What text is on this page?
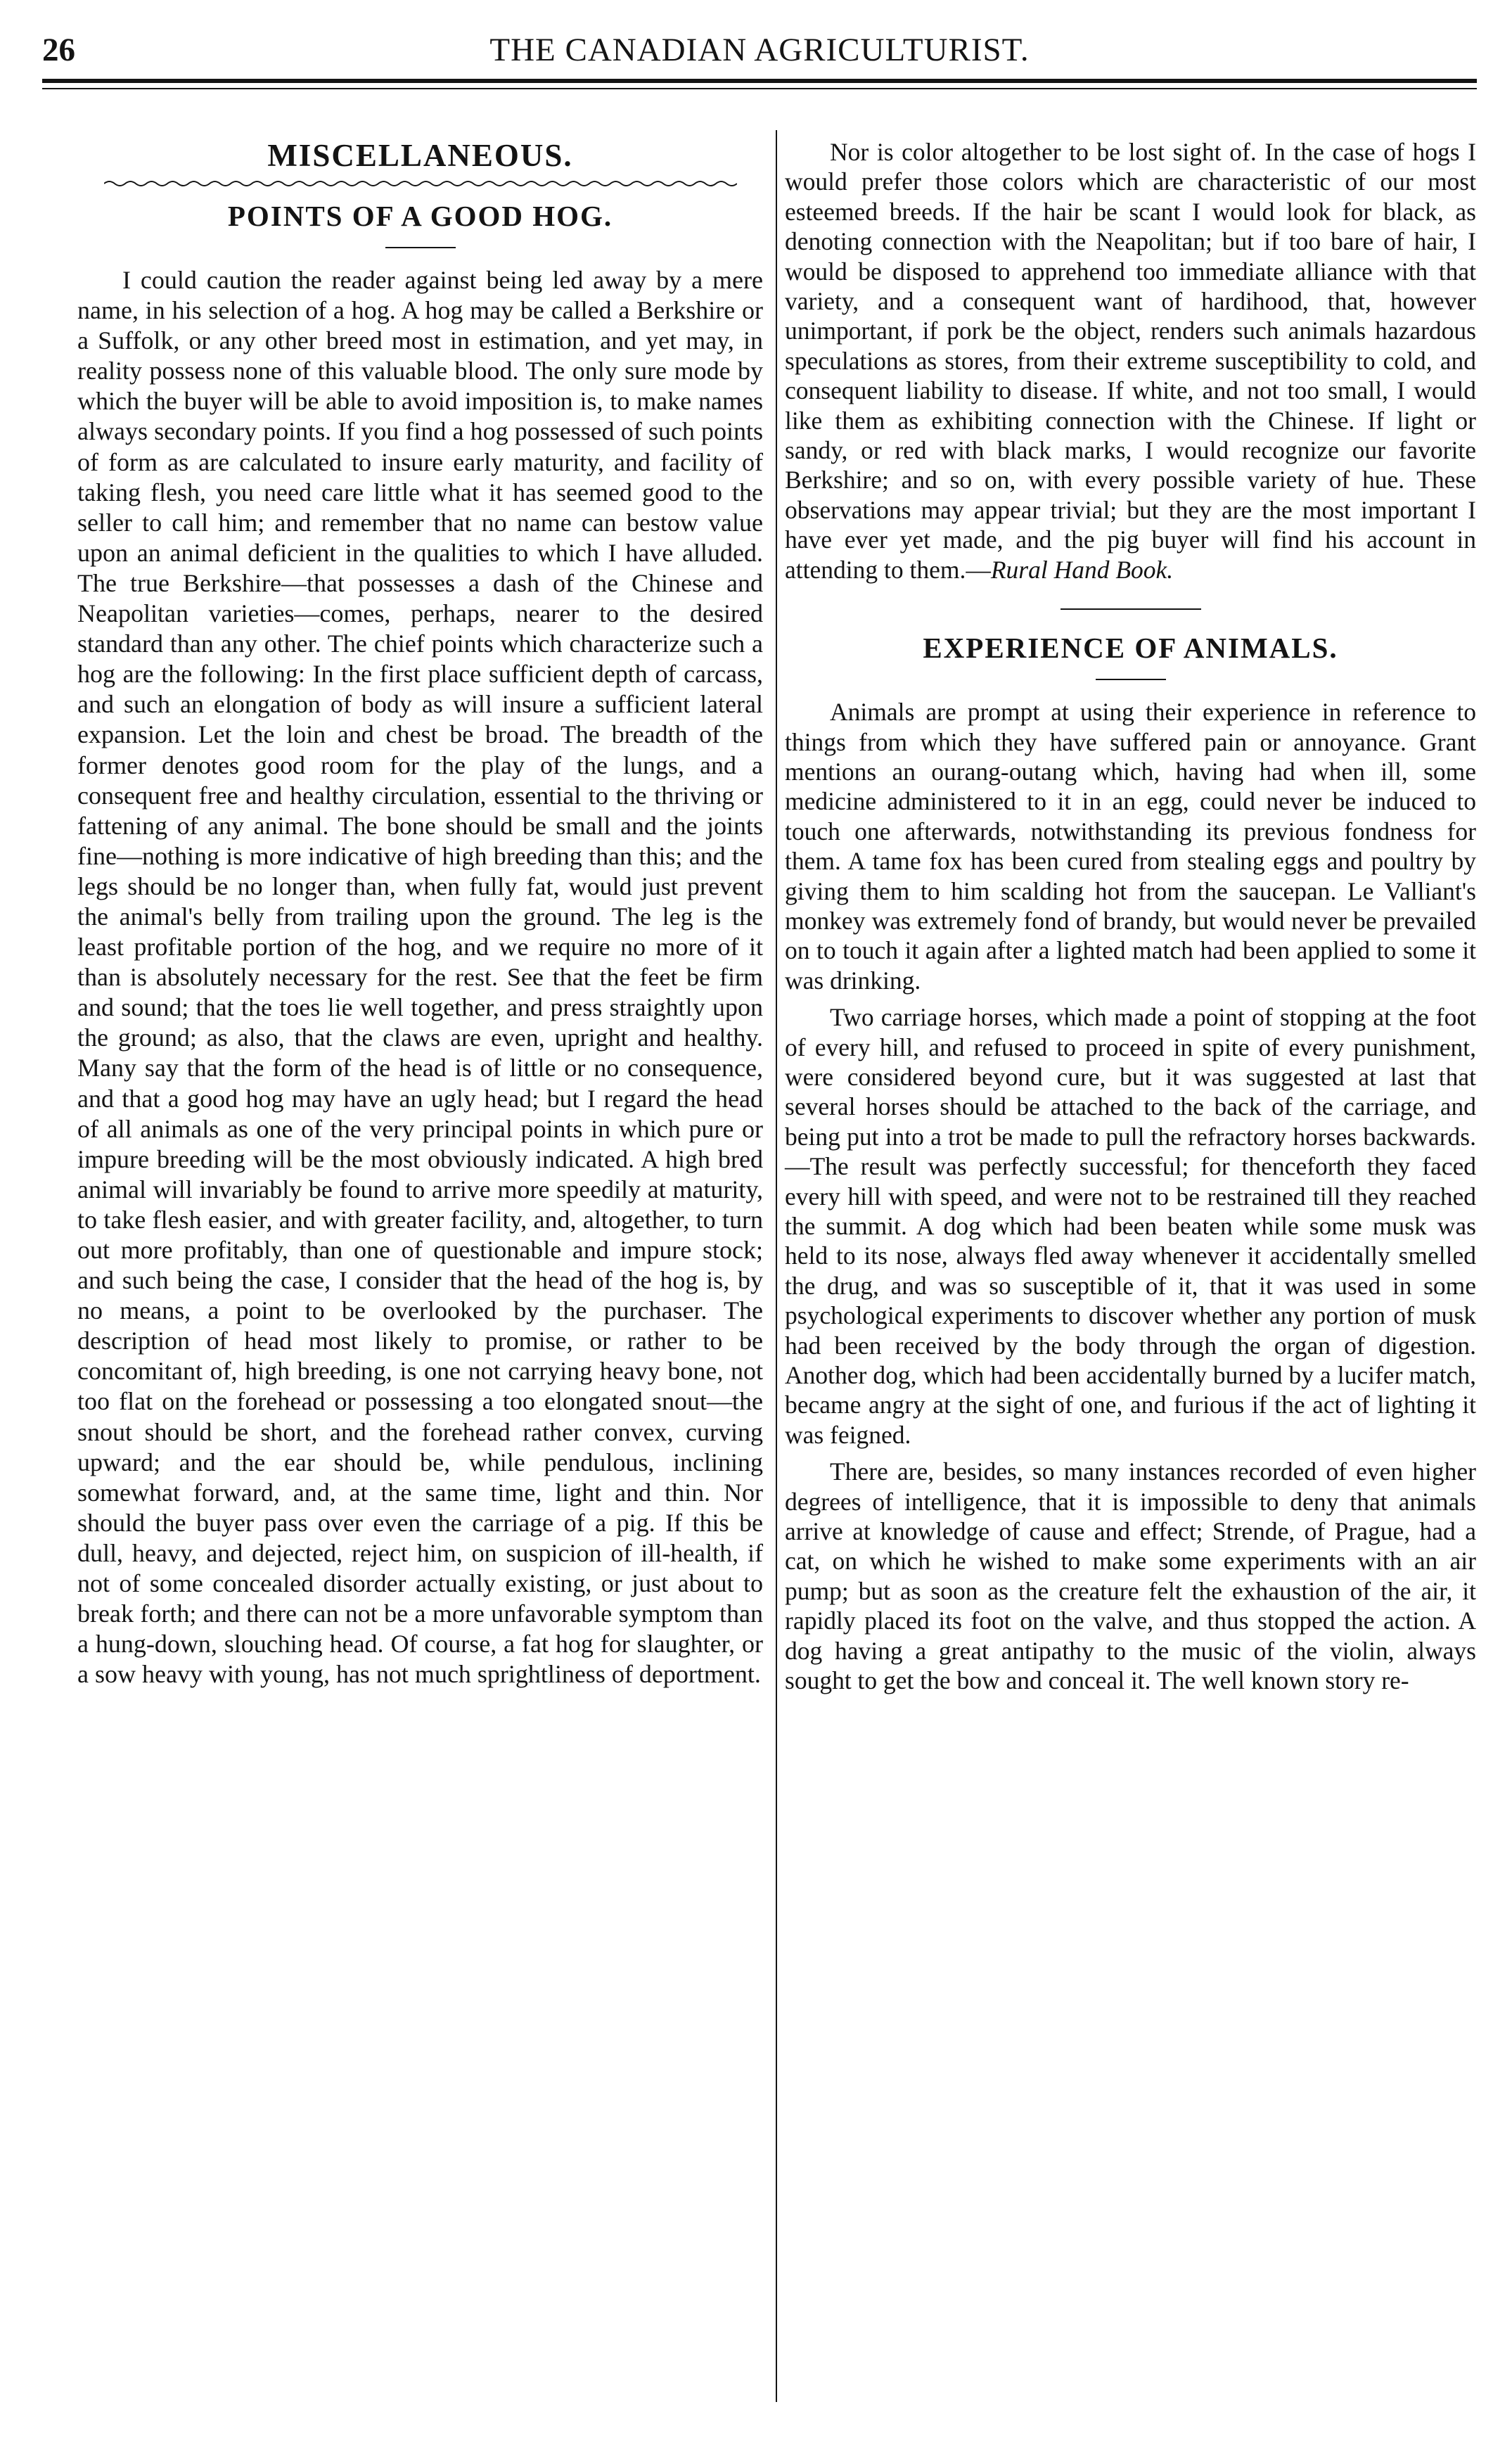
26	THE CANADIAN AGRICULTURIST.
MISCELLANEOUS.
POINTS OF A GOOD HOG.

I could caution the reader against being led away by a mere name, in his selection of a hog. A hog may be called a Berkshire or a Suffolk, or any other breed most in estimation, and yet may, in reality possess none of this valuable blood. The only sure mode by which the buyer will be able to avoid imposition is, to make names always secondary points. If you find a hog possessed of such points of form as are calculated to insure early maturity, and facility of taking flesh, you need care little what it has seemed good to the seller to call him; and remember that no name can bestow value upon an animal deficient in the qualities to which I have alluded. The true Berkshire—that possesses a dash of the Chinese and Neapolitan varieties—comes, perhaps, nearer to the desired standard than any other. The chief points which characterize such a hog are the following: In the first place sufficient depth of carcass, and such an elongation of body as will insure a sufficient lateral expansion. Let the loin and chest be broad. The breadth of the former denotes good room for the play of the lungs, and a consequent free and healthy circulation, essential to the thriving or fattening of any animal. The bone should be small and the joints fine—nothing is more indicative of high breeding than this; and the legs should be no longer than, when fully fat, would just prevent the animal's belly from trailing upon the ground. The leg is the least profitable portion of the hog, and we require no more of it than is absolutely necessary for the rest. See that the feet be firm and sound; that the toes lie well together, and press straightly upon the ground; as also, that the claws are even, upright and healthy. Many say that the form of the head is of little or no consequence, and that a good hog may have an ugly head; but I regard the head of all animals as one of the very principal points in which pure or impure breeding will be the most obviously indicated. A high bred animal will invariably be found to arrive more speedily at maturity, to take flesh easier, and with greater facility, and, altogether, to turn out more profitably, than one of questionable and impure stock; and such being the case, I consider that the head of the hog is, by no means, a point to be overlooked by the purchaser. The description of head most likely to promise, or rather to be concomitant of, high breeding, is one not carrying heavy bone, not too flat on the forehead or possessing a too elongated snout—the snout should be short, and the forehead rather convex, curving upward; and the ear should be, while pendulous, inclining somewhat forward, and, at the same time, light and thin. Nor should the buyer pass over even the carriage of a pig. If this be dull, heavy, and dejected, reject him, on suspicion of ill-health, if not of some concealed disorder actually existing, or just about to break forth; and there can not be a more unfavorable symptom than a hung-down, slouching head. Of course, a fat hog for slaughter, or a sow heavy with young, has not much sprightliness of deportment.

Nor is color altogether to be lost sight of. In the case of hogs I would prefer those colors which are characteristic of our most esteemed breeds. If the hair be scant I would look for black, as denoting connection with the Neapolitan; but if too bare of hair, I would be disposed to apprehend too immediate alliance with that variety, and a consequent want of hardihood, that, however unimportant, if pork be the object, renders such animals hazardous speculations as stores, from their extreme susceptibility to cold, and consequent liability to disease. If white, and not too small, I would like them as exhibiting connection with the Chinese. If light or sandy, or red with black marks, I would recognize our favorite Berkshire; and so on, with every possible variety of hue. These observations may appear trivial; but they are the most important I have ever yet made, and the pig buyer will find his account in attending to them.—Rural Hand Book.

EXPERIENCE OF ANIMALS.

Animals are prompt at using their experience in reference to things from which they have suffered pain or annoyance. Grant mentions an ourang-outang which, having had when ill, some medicine administered to it in an egg, could never be induced to touch one afterwards, notwithstanding its previous fondness for them. A tame fox has been cured from stealing eggs and poultry by giving them to him scalding hot from the saucepan. Le Valliant's monkey was extremely fond of brandy, but would never be prevailed on to touch it again after a lighted match had been applied to some it was drinking.

Two carriage horses, which made a point of stopping at the foot of every hill, and refused to proceed in spite of every punishment, were considered beyond cure, but it was suggested at last that several horses should be attached to the back of the carriage, and being put into a trot be made to pull the refractory horses backwards.—The result was perfectly successful; for thenceforth they faced every hill with speed, and were not to be restrained till they reached the summit. A dog which had been beaten while some musk was held to its nose, always fled away whenever it accidentally smelled the drug, and was so susceptible of it, that it was used in some psychological experiments to discover whether any portion of musk had been received by the body through the organ of digestion. Another dog, which had been accidentally burned by a lucifer match, became angry at the sight of one, and furious if the act of lighting it was feigned.

There are, besides, so many instances recorded of even higher degrees of intelligence, that it is impossible to deny that animals arrive at knowledge of cause and effect; Strende, of Prague, had a cat, on which he wished to make some experiments with an air pump; but as soon as the creature felt the exhaustion of the air, it rapidly placed its foot on the valve, and thus stopped the action. A dog having a great antipathy to the music of the violin, always sought to get the bow and conceal it. The well known story re-
